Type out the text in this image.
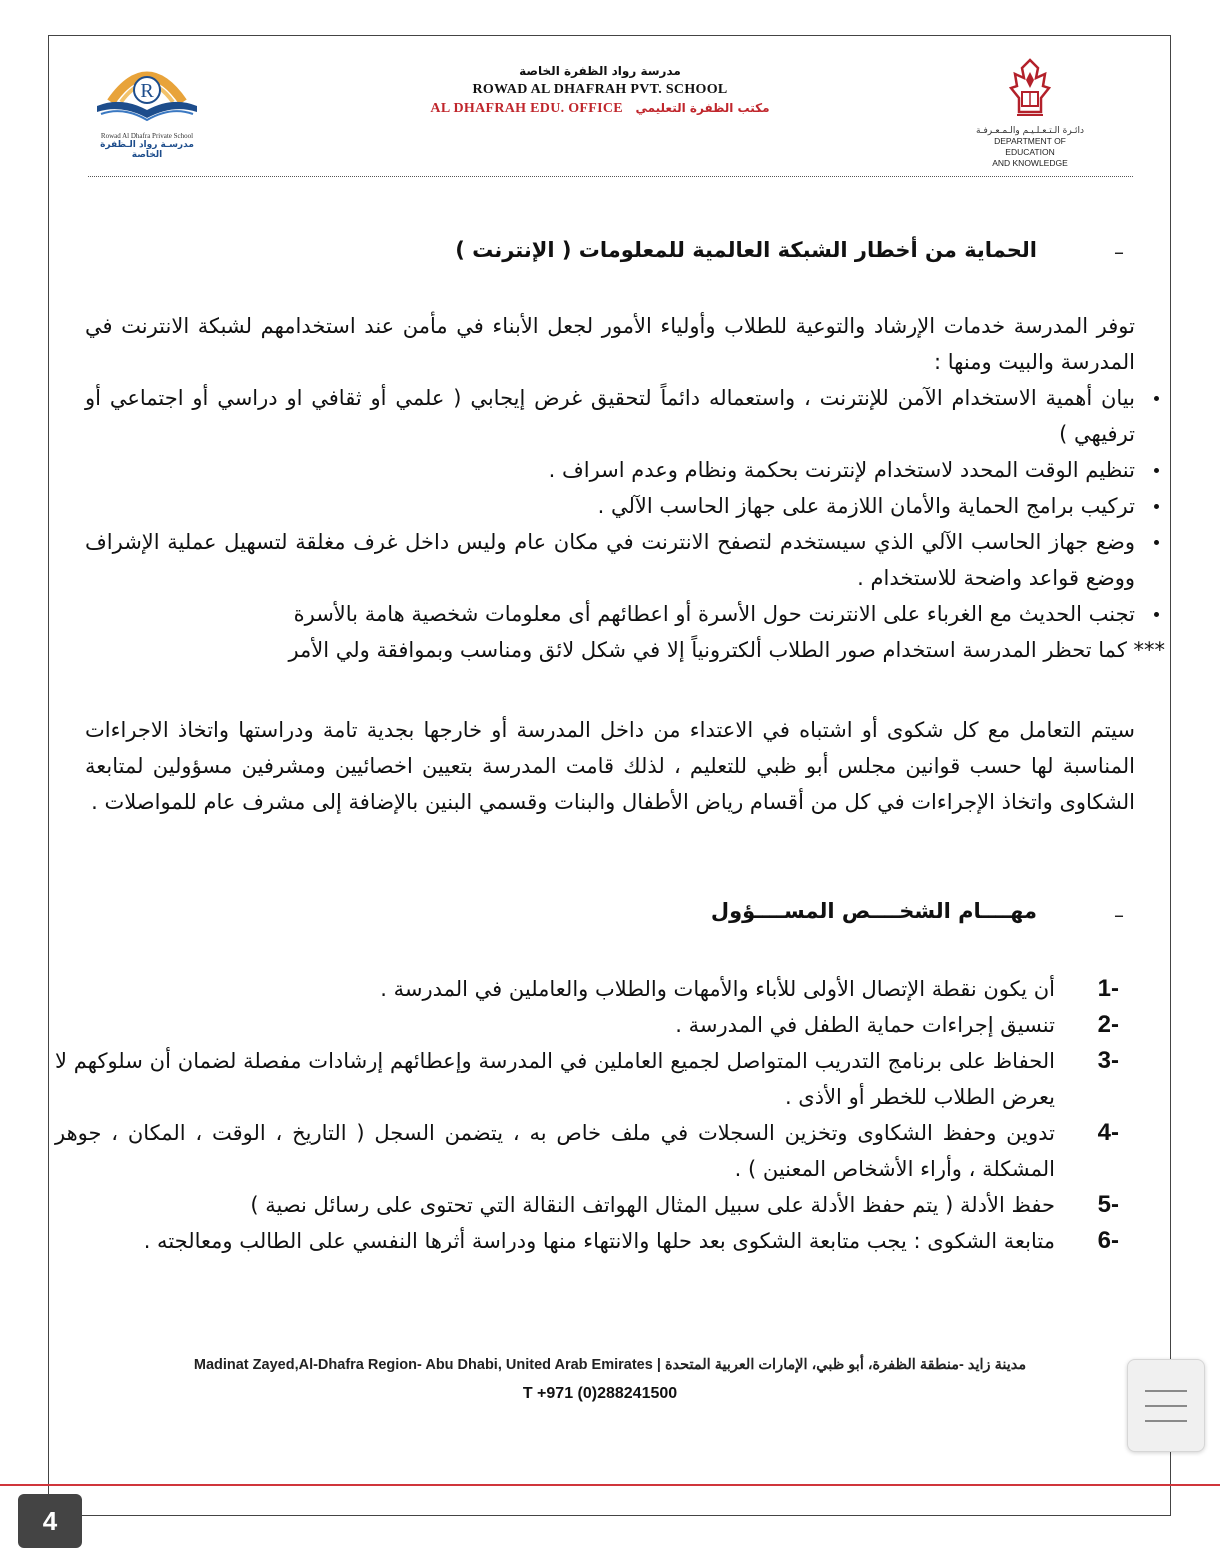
دائـرة الـتـعـلـيـم والـمـعـرفـة
DEPARTMENT OF EDUCATION
AND KNOWLEDGE
مدرسة رواد الظفرة الخاصة
ROWAD AL DHAFRAH PVT. SCHOOL
AL DHAFRAH EDU. OFFICE مكتب الظفرة التعليمي
R
Rowad Al Dhafra Private School
مدرسـة رواد الـظفرة الخاصة
–
الحماية من أخطار الشبكة العالمية للمعلومات ( الإنترنت )
توفر المدرسة خدمات الإرشاد والتوعية للطلاب وأولياء الأمور لجعل الأبناء في مأمن عند استخدامهم لشبكة الانترنت في المدرسة والبيت ومنها :
بيان أهمية الاستخدام الآمن للإنترنت ، واستعماله دائماً لتحقيق غرض إيجابي ( علمي أو ثقافي او دراسي أو اجتماعي أو ترفيهي )
تنظيم الوقت المحدد لاستخدام لإنترنت بحكمة ونظام وعدم اسراف .
تركيب برامج الحماية والأمان اللازمة على جهاز الحاسب الآلي .
وضع جهاز الحاسب الآلي الذي سيستخدم لتصفح الانترنت في مكان عام وليس داخل غرف مغلقة لتسهيل عملية الإشراف ووضع قواعد واضحة للاستخدام .
تجنب الحديث مع الغرباء على الانترنت حول الأسرة أو اعطائهم أى معلومات شخصية هامة بالأسرة
*** كما تحظر المدرسة استخدام صور الطلاب ألكترونياً إلا في شكل لائق ومناسب وبموافقة ولي الأمر
سيتم التعامل مع كل شكوى أو اشتباه في الاعتداء من داخل المدرسة أو خارجها بجدية تامة ودراستها واتخاذ الاجراءات المناسبة لها حسب قوانين مجلس أبو ظبي للتعليم ، لذلك قامت المدرسة بتعيين اخصائيين ومشرفين مسؤولين لمتابعة الشكاوى واتخاذ الإجراءات في كل من أقسام رياض الأطفال والبنات وقسمي البنين بالإضافة إلى مشرف عام للمواصلات .
–
مهــــام الشخــــص المســــؤول
1-
أن يكون نقطة الإتصال الأولى للأباء والأمهات والطلاب والعاملين في المدرسة .
2-
تنسيق إجراءات حماية الطفل في المدرسة .
3-
الحفاظ على برنامج التدريب المتواصل لجميع العاملين في المدرسة وإعطائهم إرشادات مفصلة لضمان أن سلوكهم لا يعرض الطلاب للخطر أو الأذى .
4-
تدوين وحفظ الشكاوى وتخزين السجلات في ملف خاص به ، يتضمن السجل ( التاريخ ، الوقت ، المكان ، جوهر المشكلة ، وأراء الأشخاص المعنين ) .
5-
حفظ الأدلة ( يتم حفظ الأدلة على سبيل المثال الهواتف النقالة التي تحتوى على رسائل نصية )
6-
متابعة الشكوى : يجب متابعة الشكوى بعد حلها والانتهاء منها ودراسة أثرها النفسي على الطالب ومعالجته .
Madinat Zayed,Al-Dhafra Region- Abu Dhabi, United Arab Emirates | مدينة زايد -منطقة الظفرة، أبو ظبي، الإمارات العربية المتحدة
T +971 (0)288241500
4
